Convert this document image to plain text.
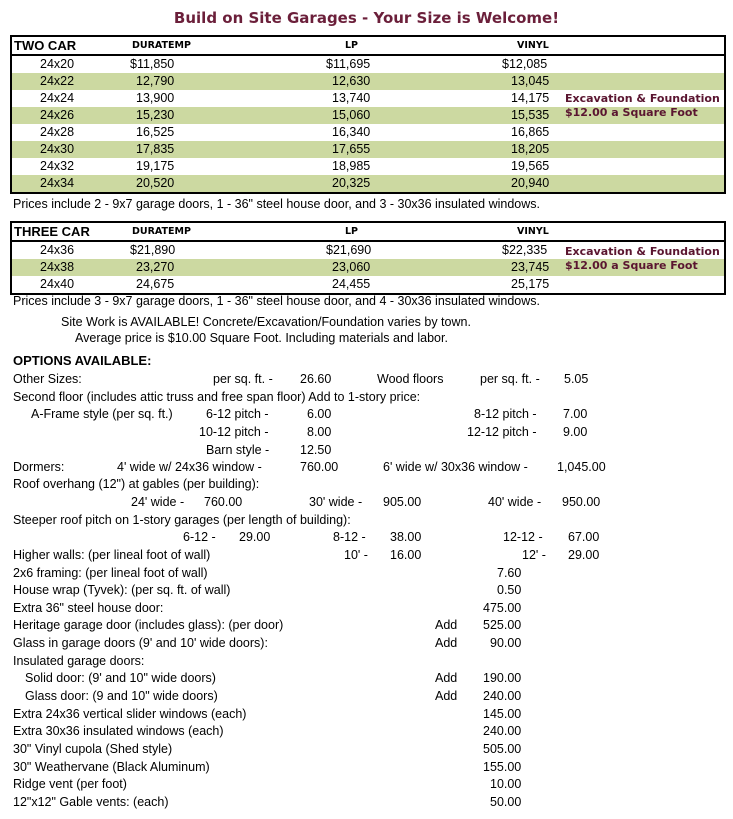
Build on Site Garages - Your Size is Welcome!
TWO CAR	DURATEMP	LP	VINYL
24x20	$11,850	$11,695	$12,085
24x22	12,790	12,630	13,045
24x24	13,900	13,740	14,175
24x26	15,230	15,060	15,535
24x28	16,525	16,340	16,865
24x30	17,835	17,655	18,205
24x32	19,175	18,985	19,565
24x34	20,520	20,325	20,940
Excavation & Foundation
$12.00 a Square Foot
Prices include 2 - 9x7 garage doors, 1 - 36" steel house door, and 3 - 30x36 insulated windows.
THREE CAR	DURATEMP	LP	VINYL
24x36	$21,890	$21,690	$22,335
24x38	23,270	23,060	23,745
24x40	24,675	24,455	25,175
Excavation & Foundation
$12.00 a Square Foot
Prices include 3 - 9x7 garage doors, 1 - 36" steel house door, and 4 - 30x36 insulated windows.
Site Work is AVAILABLE! Concrete/Excavation/Foundation varies by town.
Average price is $10.00 Square Foot. Including materials and labor.
OPTIONS AVAILABLE:
Other Sizes:	per sq. ft. - 26.60	Wood floors	per sq. ft. - 5.05
Second floor (includes attic truss and free span floor) Add to 1-story price:
A-Frame style (per sq. ft.)	6-12 pitch -	6.00	8-12 pitch - 7.00
10-12 pitch -	8.00	12-12 pitch - 9.00
Barn style - 12.50
Dormers:	4' wide w/ 24x36 window -	760.00	6' wide w/ 30x36 window - 1,045.00
Roof overhang (12") at gables (per building):
24' wide - 760.00	30' wide - 905.00	40' wide - 950.00
Steeper roof pitch on 1-story garages (per length of building):
6-12 - 29.00	8-12 - 38.00	12-12 - 67.00
Higher walls: (per lineal foot of wall)	10' - 16.00	12' - 29.00
2x6 framing: (per lineal foot of wall)	7.60
House wrap (Tyvek): (per sq. ft. of wall)	0.50
Extra 36" steel house door:	475.00
Heritage garage door (includes glass): (per door)	Add 525.00
Glass in garage doors (9' and 10' wide doors):	Add	90.00
Insulated garage doors:
Solid door: (9' and 10" wide doors)	Add 190.00
Glass door: (9 and 10" wide doors)	Add 240.00
Extra 24x36 vertical slider windows (each)	145.00
Extra 30x36 insulated windows (each)	240.00
30" Vinyl cupola (Shed style)	505.00
30" Weathervane (Black Aluminum)	155.00
Ridge vent (per foot)	10.00
12"x12" Gable vents: (each)	50.00
